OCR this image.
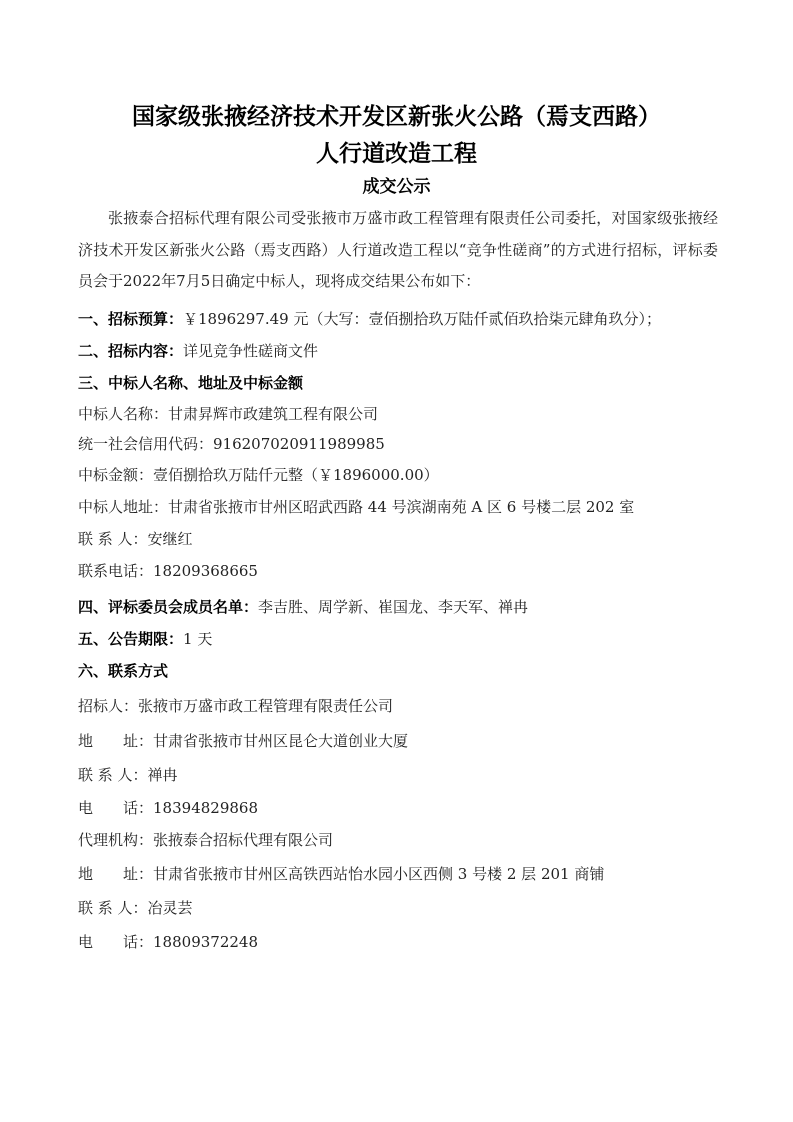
国家级张掖经济技术开发区新张火公路（焉支西路）
人行道改造工程
成交公示
张掖泰合招标代理有限公司受张掖市万盛市政工程管理有限责任公司委托，对国家级张掖经济技术开发区新张火公路（焉支西路）人行道改造工程以“竞争性磋商”的方式进行招标，评标委员会于2022年7月5日确定中标人，现将成交结果公布如下：
一、招标预算：￥1896297.49 元（大写：壹佰捌拾玖万陆仟贰佰玖拾柒元肆角玖分）；
二、招标内容：详见竞争性磋商文件
三、中标人名称、地址及中标金额
中标人名称：甘肃昇辉市政建筑工程有限公司
统一社会信用代码：916207020911989985
中标金额：壹佰捌拾玖万陆仟元整（￥1896000.00）
中标人地址：甘肃省张掖市甘州区昭武西路 44 号滨湖南苑 A 区 6 号楼二层 202 室
联 系 人：安继红
联系电话：18209368665
四、评标委员会成员名单：李吉胜、周学新、崔国龙、李天军、禅冉
五、公告期限：1 天
六、联系方式
招标人：张掖市万盛市政工程管理有限责任公司
地　　址：甘肃省张掖市甘州区昆仑大道创业大厦
联 系 人：禅冉
电　　话：18394829868
代理机构：张掖泰合招标代理有限公司
地　　址：甘肃省张掖市甘州区高铁西站怡水园小区西侧 3 号楼 2 层 201 商铺
联 系 人：冶灵芸
电　　话：18809372248
